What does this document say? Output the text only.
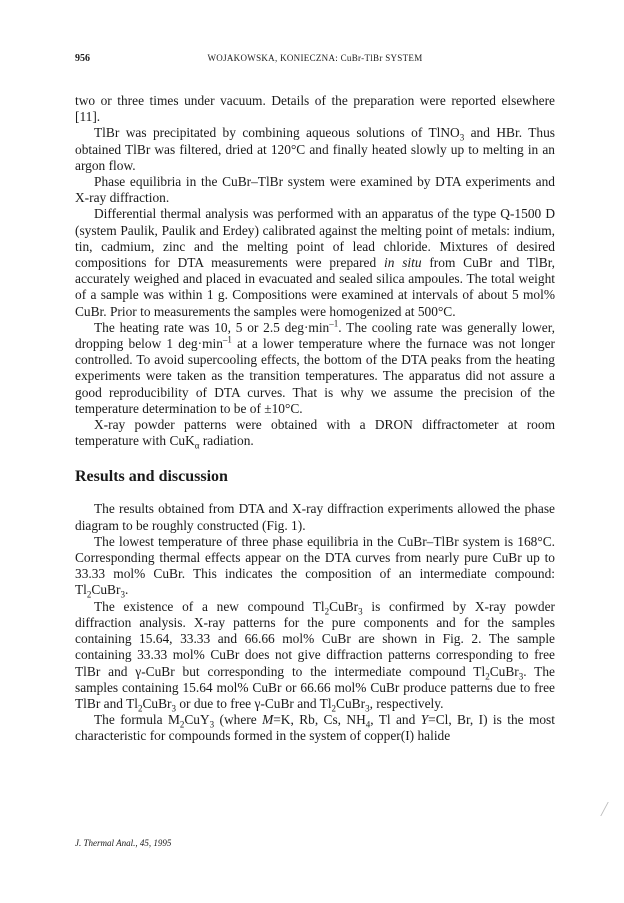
956	WOJAKOWSKA, KONIECZNA: CuBr-TlBr SYSTEM

two or three times under vacuum. Details of the preparation were reported elsewhere [11].

TlBr was precipitated by combining aqueous solutions of TlNO$_3$ and HBr. Thus obtained TlBr was filtered, dried at 120°C and finally heated slowly up to melting in an argon flow.

Phase equilibria in the CuBr–TlBr system were examined by DTA experiments and X-ray diffraction.

Differential thermal analysis was performed with an apparatus of the type Q-1500 D (system Paulik, Paulik and Erdey) calibrated against the melting point of metals: indium, tin, cadmium, zinc and the melting point of lead chloride. Mixtures of desired compositions for DTA measurements were prepared in situ from CuBr and TlBr, accurately weighed and placed in evacuated and sealed silica ampoules. The total weight of a sample was within 1 g. Compositions were examined at intervals of about 5 mol% CuBr. Prior to measurements the samples were homogenized at 500°C.

The heating rate was 10, 5 or 2.5 $deg\cdot\min^{-1}$. The cooling rate was generally lower, dropping below 1 $deg\cdot\min^{-1}$ at a lower temperature where the furnace was not longer controlled. To avoid supercooling effects, the bottom of the DTA peaks from the heating experiments were taken as the transition temperatures. The apparatus did not assure a good reproducibility of DTA curves. That is why we assume the precision of the temperature determination to be of ±10°C.

X-ray powder patterns were obtained with a DRON diffractometer at room temperature with CuK$_\alpha$ radiation.

Results and discussion

The results obtained from DTA and X-ray diffraction experiments allowed the phase diagram to be roughly constructed (Fig. 1).

The lowest temperature of three phase equilibria in the CuBr–TlBr system is 168°C. Corresponding thermal effects appear on the DTA curves from nearly pure CuBr up to 33.33 mol% CuBr. This indicates the composition of an intermediate compound: $Tl_2CuBr_3$.

The existence of a new compound $Tl_2CuBr_3$ is confirmed by X-ray powder diffraction analysis. X-ray patterns for the pure components and for the samples containing 15.64, 33.33 and 66.66 mol% CuBr are shown in Fig. 2. The sample containing 33.33 mol% CuBr does not give diffraction patterns corresponding to free TlBr and γ-CuBr but corresponding to the intermediate compound $Tl_2CuBr_3$. The samples containing 15.64 mol% CuBr or 66.66 mol% CuBr produce patterns due to free TlBr and $Tl_2CuBr_3$ or due to free γ-CuBr and $Tl_2CuBr_3$, respectively.

The formula $M_2CuY_3$ (where M=K, Rb, Cs, $NH_4$, Tl and Y=Cl, Br, I) is the most characteristic for compounds formed in the system of copper(I) halide

J. Thermal Anal., 45, 1995
